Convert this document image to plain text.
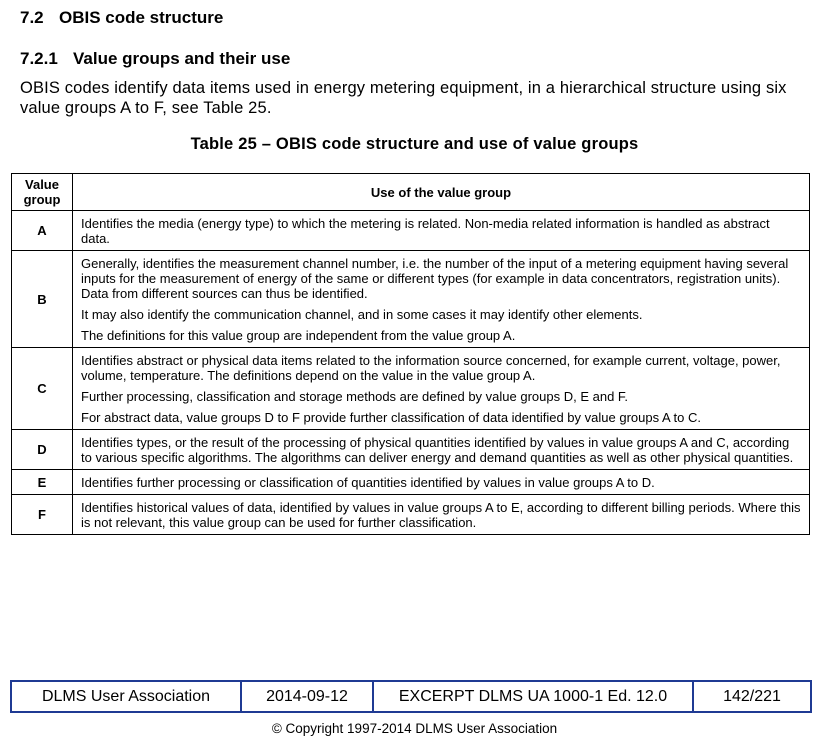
7.2 OBIS code structure
7.2.1 Value groups and their use
OBIS codes identify data items used in energy metering equipment, in a hierarchical structure using six value groups A to F, see Table 25.
Table 25 – OBIS code structure and use of value groups
Value group	Use of the value group
A	Identifies the media (energy type) to which the metering is related. Non-media related information is handled as abstract data.

B	Generally, identifies the measurement channel number, i.e. the number of the input of a metering equipment having several inputs for the measurement of energy of the same or different types (for example in data concentrators, registration units). Data from different sources can thus be identified.

It may also identify the communication channel, and in some cases it may identify other elements.

The definitions for this value group are independent from the value group A.

C	Identifies abstract or physical data items related to the information source concerned, for example current, voltage, power, volume, temperature. The definitions depend on the value in the value group A.

Further processing, classification and storage methods are defined by value groups D, E and F.

For abstract data, value groups D to F provide further classification of data identified by value groups A to C.

D	Identifies types, or the result of the processing of physical quantities identified by values in value groups A and C, according to various specific algorithms. The algorithms can deliver energy and demand quantities as well as other physical quantities.

E	Identifies further processing or classification of quantities identified by values in value groups A to D.

F	Identifies historical values of data, identified by values in value groups A to E, according to different billing periods. Where this is not relevant, this value group can be used for further classification.

DLMS User Association	2014-09-12	EXCERPT DLMS UA 1000-1 Ed. 12.0	142/221
© Copyright 1997-2014 DLMS User Association
